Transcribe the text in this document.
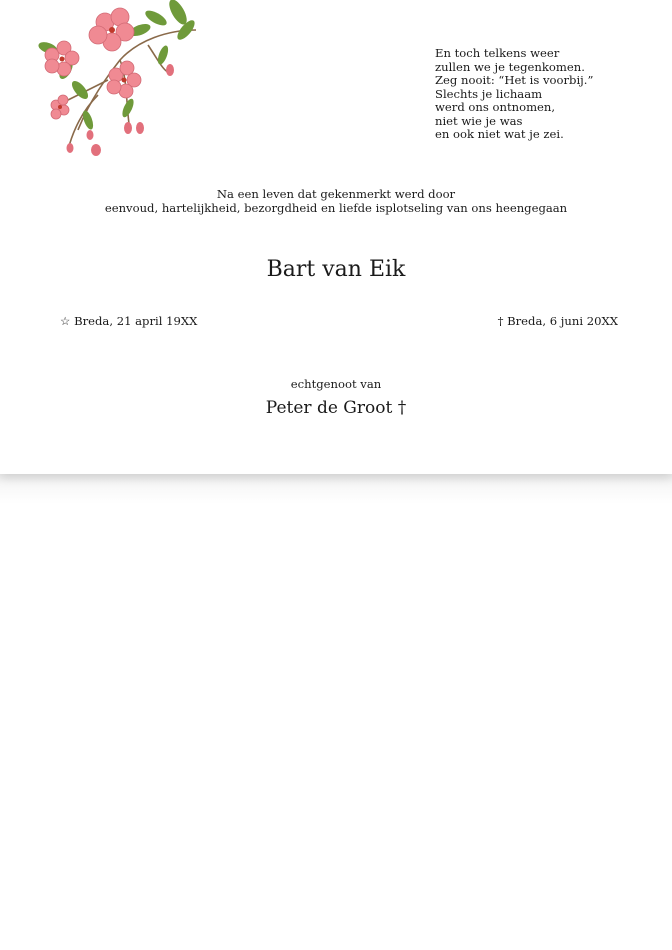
En toch telkens weer

zullen we je tegenkomen.

Zeg nooit: “Het is voorbij.”

Slechts je lichaam

werd ons ontnomen,

niet wie je was

en ook niet wat je zei.

Na een leven dat gekenmerkt werd door

eenvoud, hartelijkheid, bezorgdheid en liefde isplotseling van ons heengegaan

Bart van Eik
☆ Breda, 21 april 19XX	† Breda, 6 juni 20XX
echtgenoot van
Peter de Groot †
